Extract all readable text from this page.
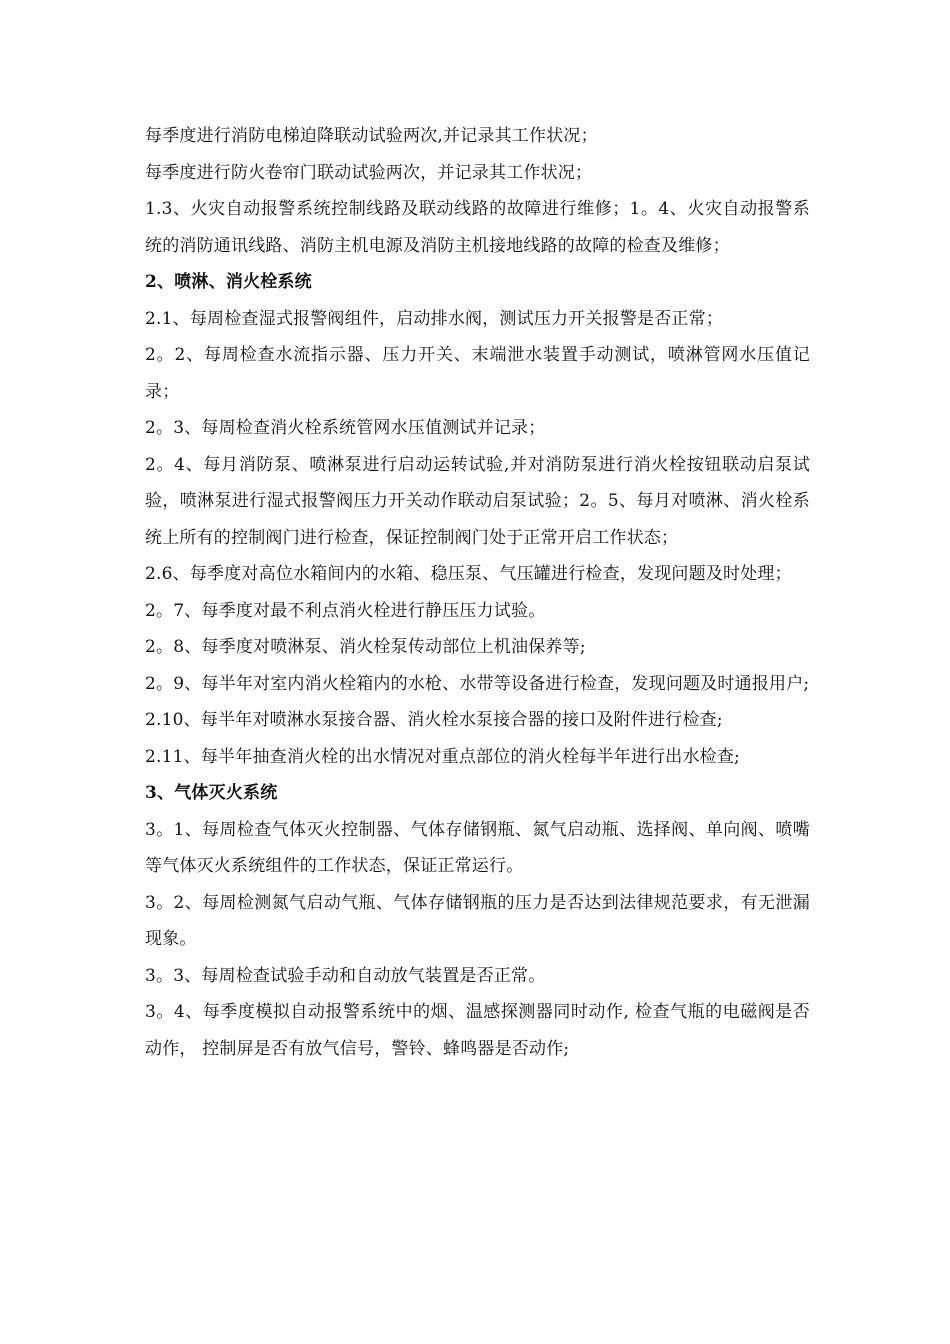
每季度进行消防电梯迫降联动试验两次,并记录其工作状况；

每季度进行防火卷帘门联动试验两次，并记录其工作状况；

1.3、火灾自动报警系统控制线路及联动线路的故障进行维修；1。4、火灾自动报警系统的消防通讯线路、消防主机电源及消防主机接地线路的故障的检查及维修；

2、喷淋、消火栓系统

2.1、每周检查湿式报警阀组件，启动排水阀，测试压力开关报警是否正常；

2。2、每周检查水流指示器、压力开关、末端泄水装置手动测试，喷淋管网水压值记录；

2。3、每周检查消火栓系统管网水压值测试并记录；

2。4、每月消防泵、喷淋泵进行启动运转试验,并对消防泵进行消火栓按钮联动启泵试验，喷淋泵进行湿式报警阀压力开关动作联动启泵试验；2。5、每月对喷淋、消火栓系统上所有的控制阀门进行检查，保证控制阀门处于正常开启工作状态；

2.6、每季度对高位水箱间内的水箱、稳压泵、气压罐进行检查，发现问题及时处理；

2。7、每季度对最不利点消火栓进行静压压力试验。

2。8、每季度对喷淋泵、消火栓泵传动部位上机油保养等;

2。9、每半年对室内消火栓箱内的水枪、水带等设备进行检查，发现问题及时通报用户;

2.10、每半年对喷淋水泵接合器、消火栓水泵接合器的接口及附件进行检查;

2.11、每半年抽查消火栓的出水情况对重点部位的消火栓每半年进行出水检查;

3、气体灭火系统

3。1、每周检查气体灭火控制器、气体存储钢瓶、氮气启动瓶、选择阀、单向阀、喷嘴等气体灭火系统组件的工作状态，保证正常运行。

3。2、每周检测氮气启动气瓶、气体存储钢瓶的压力是否达到法律规范要求，有无泄漏现象。

3。3、每周检查试验手动和自动放气装置是否正常。

3。4、每季度模拟自动报警系统中的烟、温感探测器同时动作, 检查气瓶的电磁阀是否动作， 控制屏是否有放气信号，警铃、蜂鸣器是否动作;
